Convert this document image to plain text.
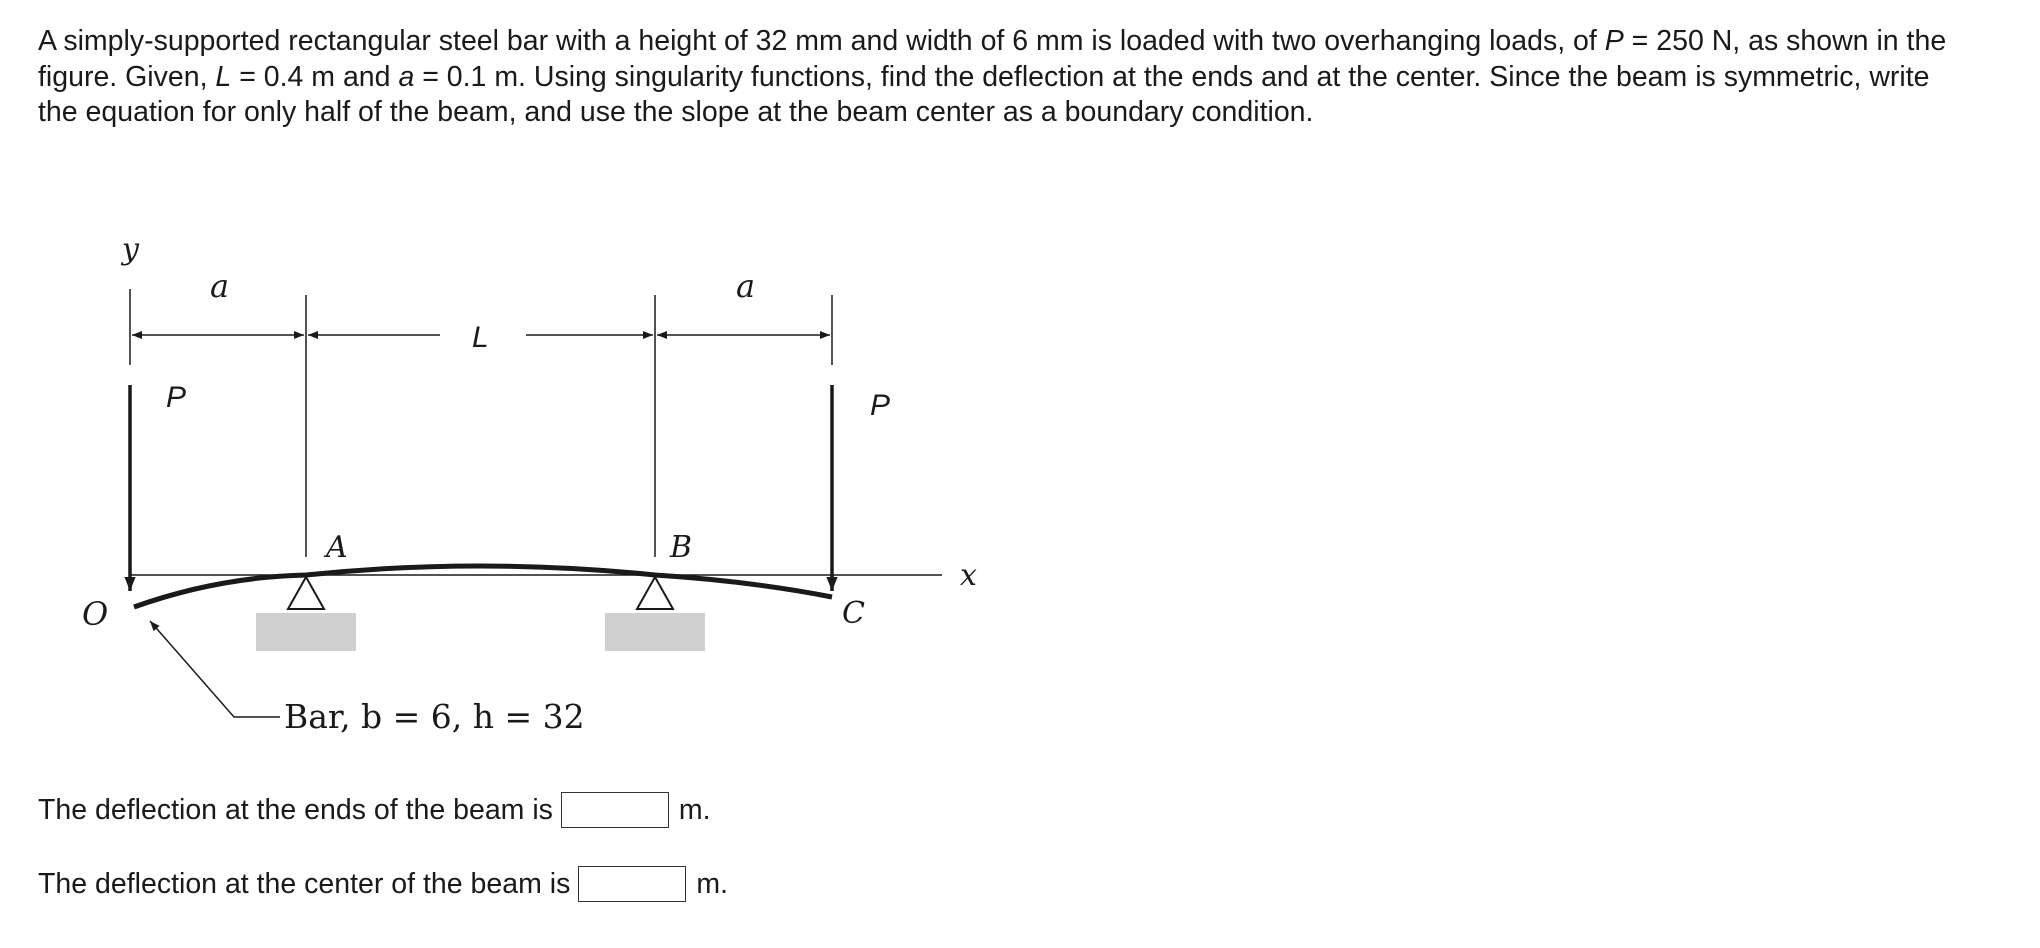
A simply-supported rectangular steel bar with a height of 32 mm and width of 6 mm is loaded with two overhanging loads, of P = 250 N, as shown in the figure. Given, L = 0.4 m and a = 0.1 m. Using singularity functions, find the deflection at the ends and at the center. Since the beam is symmetric, write the equation for only half of the beam, and use the slope at the beam center as a boundary condition.

y
a	a
L
P	P
A	B
x
O	C
Bar, b = 6, h = 32
The deflection at the ends of the beam is	m.
The deflection at the center of the beam is	m.
